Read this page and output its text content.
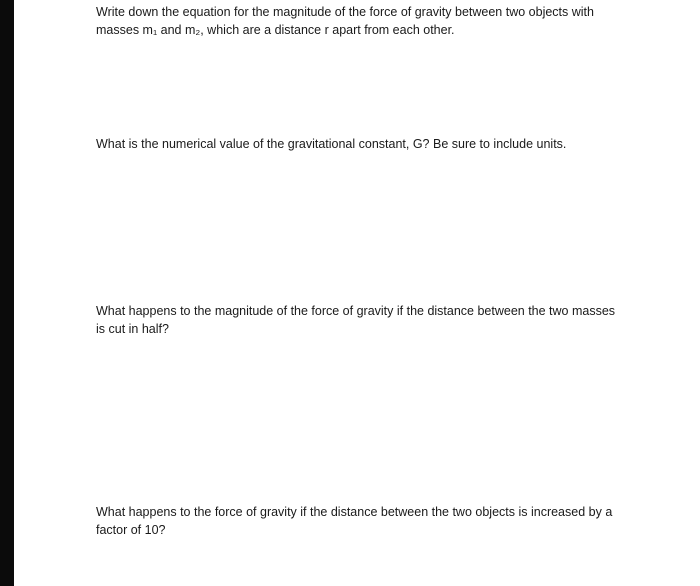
Write down the equation for the magnitude of the force of gravity between two objects with
masses m₁ and m₂, which are a distance r apart from each other.
What is the numerical value of the gravitational constant, G? Be sure to include units.
What happens to the magnitude of the force of gravity if the distance between the two masses
is cut in half?
What happens to the force of gravity if the distance between the two objects is increased by a
factor of 10?
